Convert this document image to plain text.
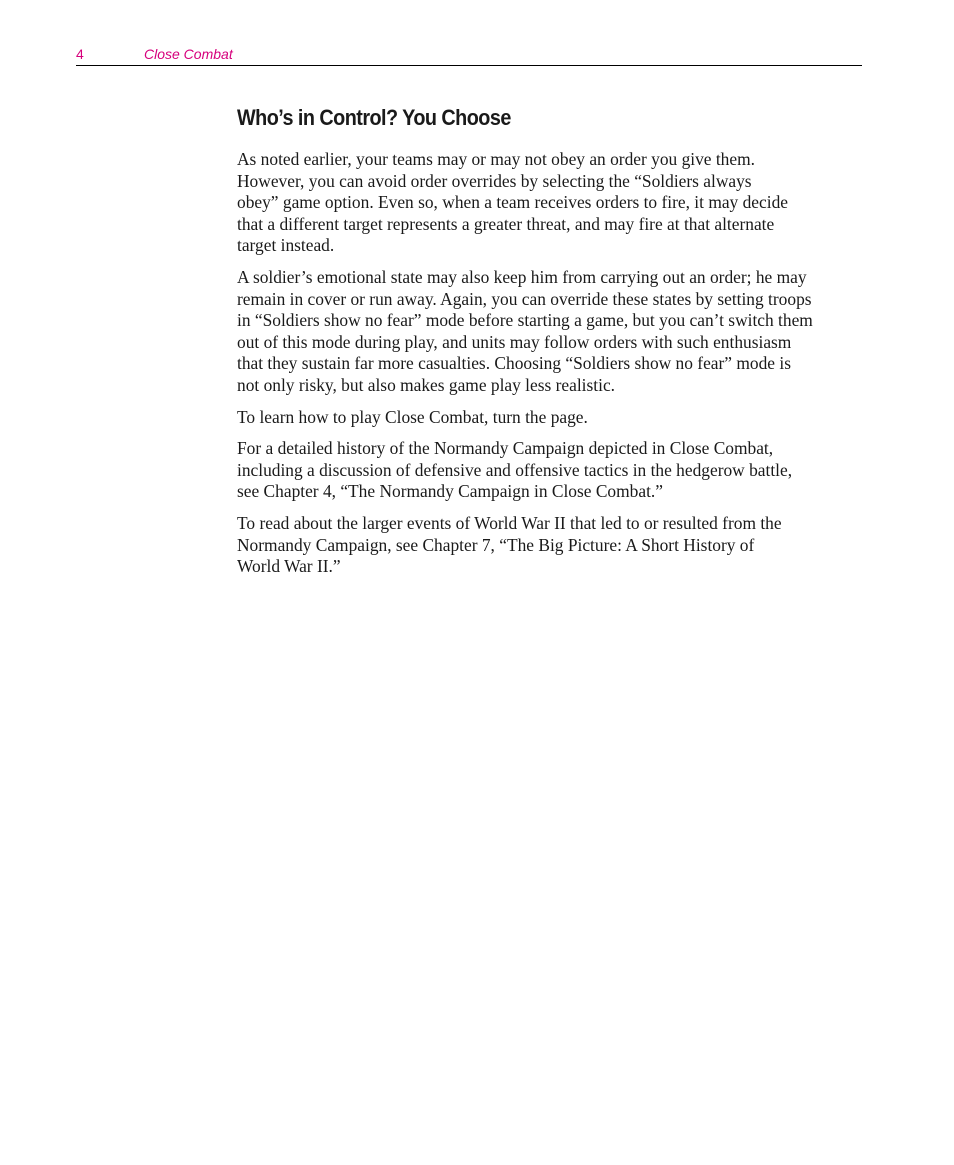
4	Close Combat
Who’s in Control? You Choose

As noted earlier, your teams may or may not obey an order you give them.
However, you can avoid order overrides by selecting the “Soldiers always
obey” game option. Even so, when a team receives orders to fire, it may decide
that a different target represents a greater threat, and may fire at that alternate
target instead.

A soldier’s emotional state may also keep him from carrying out an order; he may
remain in cover or run away. Again, you can override these states by setting troops
in “Soldiers show no fear” mode before starting a game, but you can’t switch them
out of this mode during play, and units may follow orders with such enthusiasm
that they sustain far more casualties. Choosing “Soldiers show no fear” mode is
not only risky, but also makes game play less realistic.

To learn how to play Close Combat, turn the page.

For a detailed history of the Normandy Campaign depicted in Close Combat,
including a discussion of defensive and offensive tactics in the hedgerow battle,
see Chapter 4, “The Normandy Campaign in Close Combat.”

To read about the larger events of World War II that led to or resulted from the
Normandy Campaign, see Chapter 7, “The Big Picture: A Short History of
World War II.”
